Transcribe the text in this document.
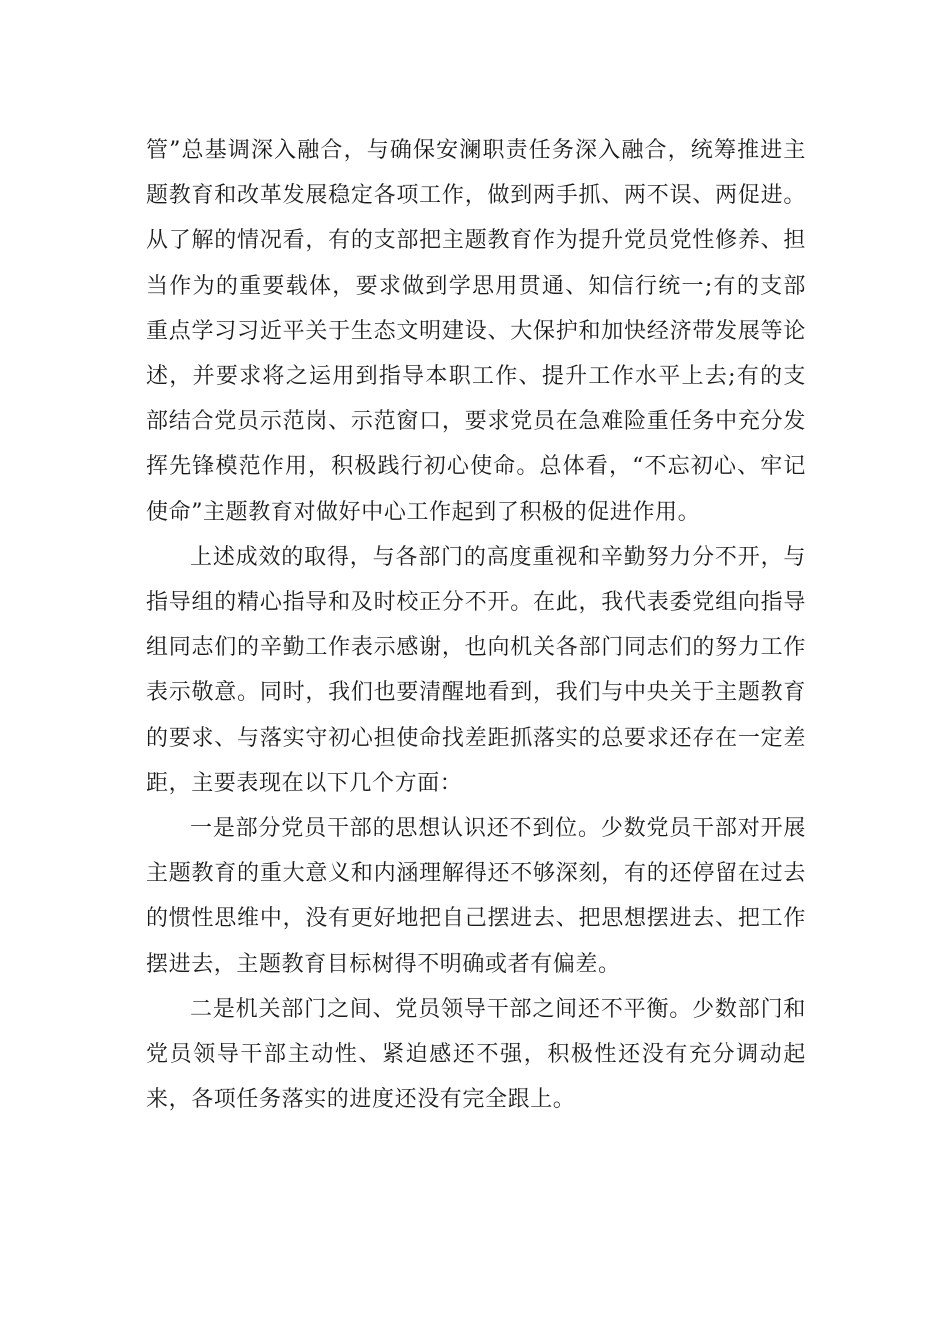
管”总基调深入融合，与确保安澜职责任务深入融合，统筹推进主题教育和改革发展稳定各项工作，做到两手抓、两不误、两促进。从了解的情况看，有的支部把主题教育作为提升党员党性修养、担当作为的重要载体，要求做到学思用贯通、知信行统一;有的支部重点学习习近平关于生态文明建设、大保护和加快经济带发展等论述，并要求将之运用到指导本职工作、提升工作水平上去;有的支部结合党员示范岗、示范窗口，要求党员在急难险重任务中充分发挥先锋模范作用，积极践行初心使命。总体看，“不忘初心、牢记使命”主题教育对做好中心工作起到了积极的促进作用。

上述成效的取得，与各部门的高度重视和辛勤努力分不开，与指导组的精心指导和及时校正分不开。在此，我代表委党组向指导组同志们的辛勤工作表示感谢，也向机关各部门同志们的努力工作表示敬意。同时，我们也要清醒地看到，我们与中央关于主题教育的要求、与落实守初心担使命找差距抓落实的总要求还存在一定差距，主要表现在以下几个方面：

一是部分党员干部的思想认识还不到位。少数党员干部对开展主题教育的重大意义和内涵理解得还不够深刻，有的还停留在过去的惯性思维中，没有更好地把自己摆进去、把思想摆进去、把工作摆进去，主题教育目标树得不明确或者有偏差。

二是机关部门之间、党员领导干部之间还不平衡。少数部门和党员领导干部主动性、紧迫感还不强，积极性还没有充分调动起来，各项任务落实的进度还没有完全跟上。
